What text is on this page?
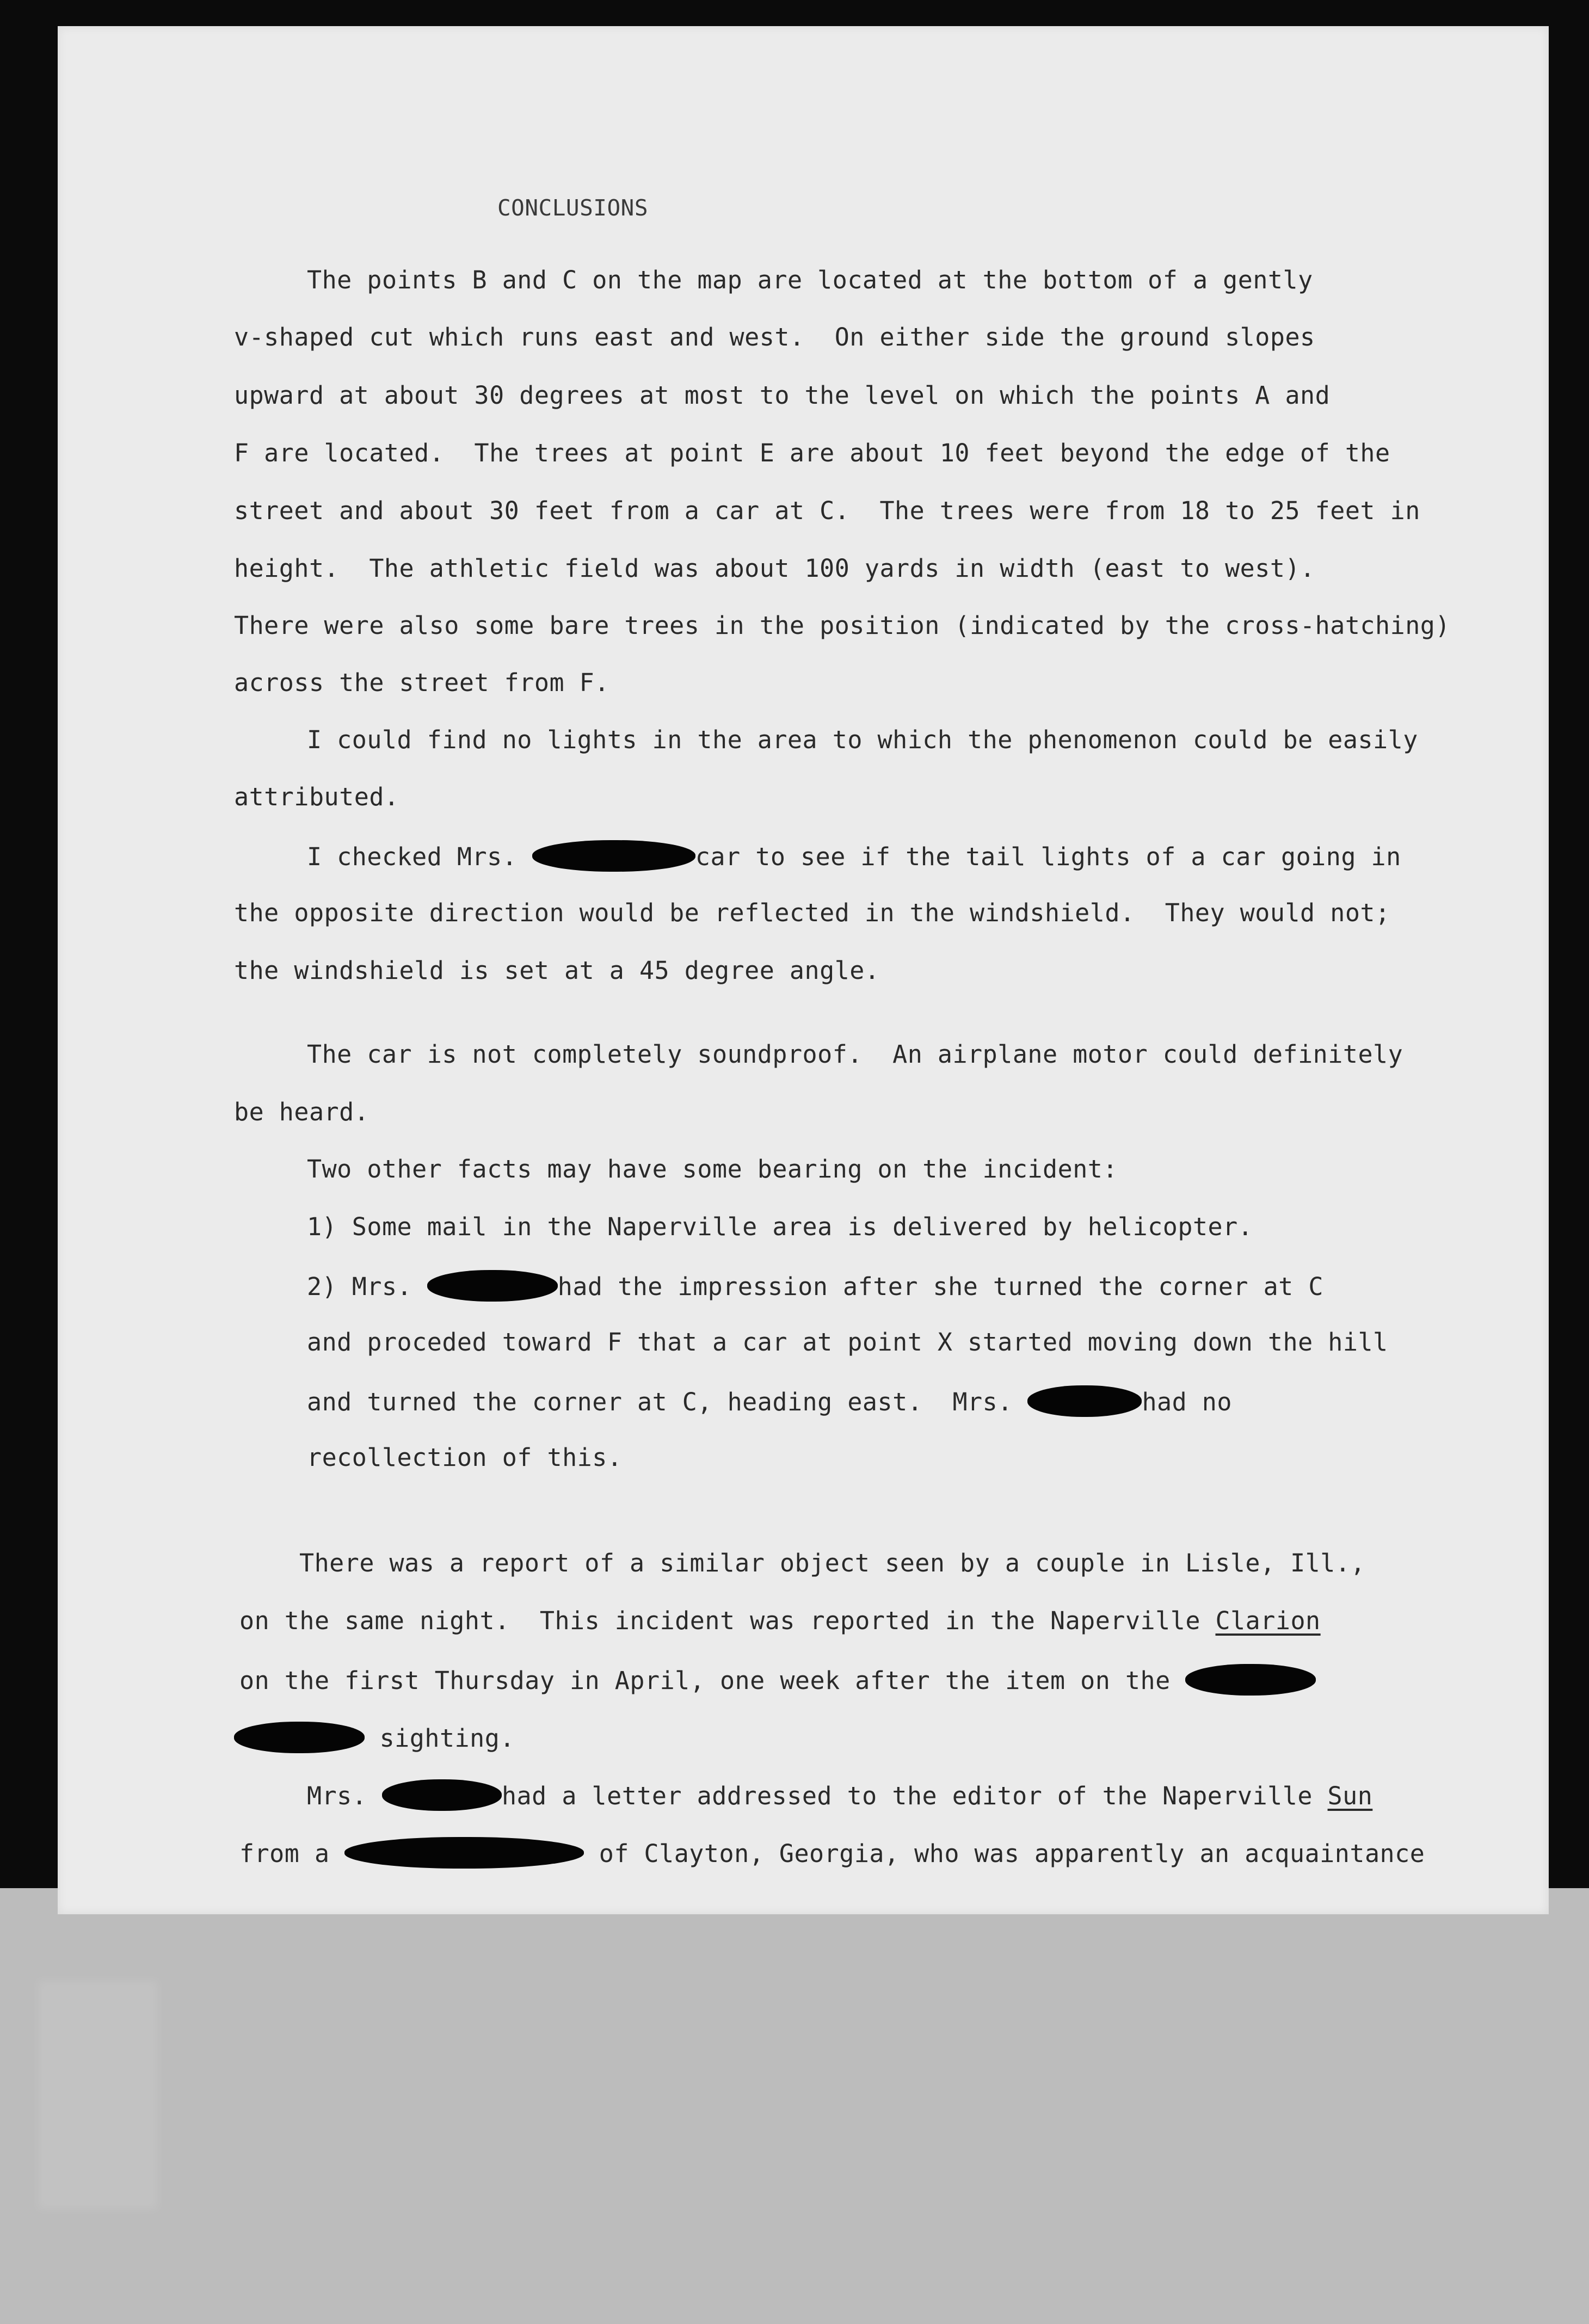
CONCLUSIONS
The points B and C on the map are located at the bottom of a gently
v-shaped cut which runs east and west.  On either side the ground slopes
upward at about 30 degrees at most to the level on which the points A and
F are located.  The trees at point E are about 10 feet beyond the edge of the
street and about 30 feet from a car at C.  The trees were from 18 to 25 feet in
height.  The athletic field was about 100 yards in width (east to west).
There were also some bare trees in the position (indicated by the cross-hatching)
across the street from F.
I could find no lights in the area to which the phenomenon could be easily
attributed.
I checked Mrs.	car to see if the tail lights of a car going in
the opposite direction would be reflected in the windshield.  They would not;
the windshield is set at a 45 degree angle.
The car is not completely soundproof.  An airplane motor could definitely
be heard.
Two other facts may have some bearing on the incident:
1) Some mail in the Naperville area is delivered by helicopter.
2) Mrs.	had the impression after she turned the corner at C
and proceded toward F that a car at point X started moving down the hill
and turned the corner at C, heading east.  Mrs.	had no
recollection of this.
There was a report of a similar object seen by a couple in Lisle, Ill.,
on the same night.  This incident was reported in the Naperville Clarion
on the first Thursday in April, one week after the item on the
sighting.
Mrs.	had a letter addressed to the editor of the Naperville Sun
from a	of Clayton, Georgia, who was apparently an acquaintance
